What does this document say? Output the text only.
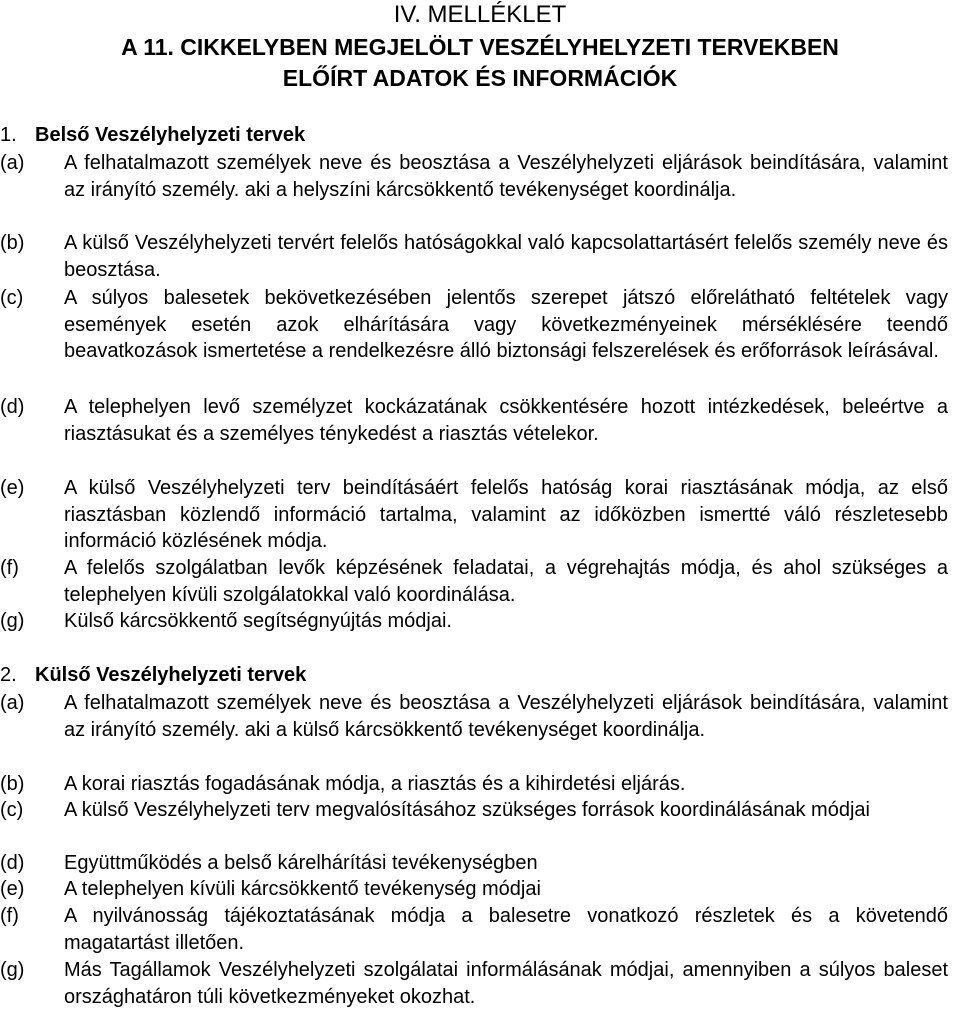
IV. MELLÉKLET
A 11. CIKKELYBEN MEGJELÖLT VESZÉLYHELYZETI TERVEKBEN
ELŐÍRT ADATOK ÉS INFORMÁCIÓK
1. Belső Veszélyhelyzeti tervek
(a)	A felhatalmazott személyek neve és beosztása a Veszélyhelyzeti eljárások beindítására, valamint az irányító személy. aki a helyszíni kárcsökkentő tevékenységet koordinálja.
(b)	A külső Veszélyhelyzeti tervért felelős hatóságokkal való kapcsolattartásért felelős személy neve és beosztása.
(c)	A súlyos balesetek bekövetkezésében jelentős szerepet játszó előrelátható feltételek vagy események esetén azok elhárítására vagy következményeinek mérséklésére teendő beavatkozások ismertetése a rendelkezésre álló biztonsági felszerelések és erőforrások leírásával.
(d)	A telephelyen levő személyzet kockázatának csökkentésére hozott intézkedések, beleértve a riasztásukat és a személyes ténykedést a riasztás vételekor.
(e)	A külső Veszélyhelyzeti terv beindításáért felelős hatóság korai riasztásának módja, az első riasztásban közlendő információ tartalma, valamint az időközben ismertté váló részletesebb információ közlésének módja.
(f)	A felelős szolgálatban levők képzésének feladatai, a végrehajtás módja, és ahol szükséges a telephelyen kívüli szolgálatokkal való koordinálása.
(g)	Külső kárcsökkentő segítségnyújtás módjai.
2. Külső Veszélyhelyzeti tervek
(a)	A felhatalmazott személyek neve és beosztása a Veszélyhelyzeti eljárások beindítására, valamint az irányító személy. aki a külső kárcsökkentő tevékenységet koordinálja.
(b)	A korai riasztás fogadásának módja, a riasztás és a kihirdetési eljárás.
(c)	A külső Veszélyhelyzeti terv megvalósításához szükséges források koordinálásának módjai
(d)	Együttműködés a belső kárelhárítási tevékenységben
(e)	A telephelyen kívüli kárcsökkentő tevékenység módjai
(f)	A nyilvánosság tájékoztatásának módja a balesetre vonatkozó részletek és a követendő magatartást illetően.
(g)	Más Tagállamok Veszélyhelyzeti szolgálatai informálásának módjai, amennyiben a súlyos baleset országhatáron túli következményeket okozhat.
